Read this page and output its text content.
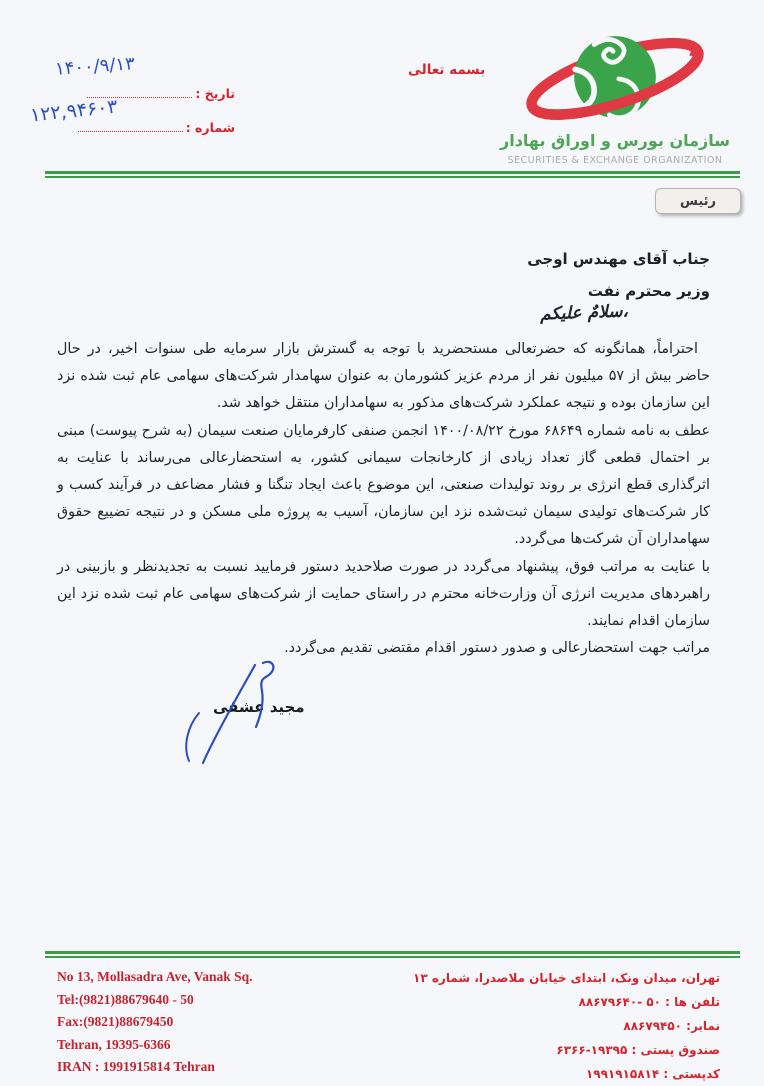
۱۴۰۰/۹/۱۳
تاریخ :
۱۲۲,۹۴۶۰۳
شماره :
بسمه تعالی
سازمان بورس و اوراق بهادار
SECURITIES & EXCHANGE ORGANIZATION
رئیس
جناب آقای مهندس اوجی
وزیر محترم نفت
سلامٌ علیکم،

احتراماً، همانگونه که حضرتعالی مستحضرید با توجه به گسترش بازار سرمایه طی سنوات اخیر، در حال حاضر بیش از ۵۷ میلیون نفر از مردم عزیز کشورمان به عنوان سهامدار شرکت‌های سهامی عام ثبت شده نزد این سازمان بوده و نتیجه عملکرد شرکت‌های مذکور به سهامداران منتقل خواهد شد.

عطف به نامه شماره ۶۸۶۴۹ مورخ ۱۴۰۰/۰۸/۲۲ انجمن صنفی کارفرمایان صنعت سیمان (به شرح پیوست) مبنی بر احتمال قطعی گاز تعداد زیادی از کارخانجات سیمانی کشور، به استحضارعالی می‌رساند با عنایت به اثرگذاری قطع انرژی بر روند تولیدات صنعتی، این موضوع باعث ایجاد تنگنا و فشار مضاعف در فرآیند کسب و کار شرکت‌های تولیدی سیمان ثبت‌شده نزد این سازمان، آسیب به پروژه ملی مسکن و در نتیجه تضییع حقوق سهامداران آن شرکت‌ها می‌گردد.

با عنایت به مراتب فوق، پیشنهاد می‌گردد در صورت صلاحدید دستور فرمایید نسبت به تجدیدنظر و بازبینی در راهبردهای مدیریت انرژی آن وزارت‌خانه محترم در راستای حمایت از شرکت‌های سهامی عام ثبت شده نزد این سازمان اقدام نمایند.

مراتب جهت استحضارعالی و صدور دستور اقدام مقتضی تقدیم می‌گردد.

مجید عشقی
No 13, Mollasadra Ave, Vanak Sq.
Tel:(9821)88679640 - 50
Fax:(9821)88679450
Tehran, 19395-6366
IRAN : 1991915814 Tehran
تهران، میدان ونک، ابتدای خیابان ملاصدرا، شماره ۱۳
تلفن ها : ۵۰ -۸۸۶۷۹۶۴۰
نمابر: ۸۸۶۷۹۴۵۰
صندوق پستی : ۱۹۳۹۵-۶۳۶۶
کدپستی : ۱۹۹۱۹۱۵۸۱۴
